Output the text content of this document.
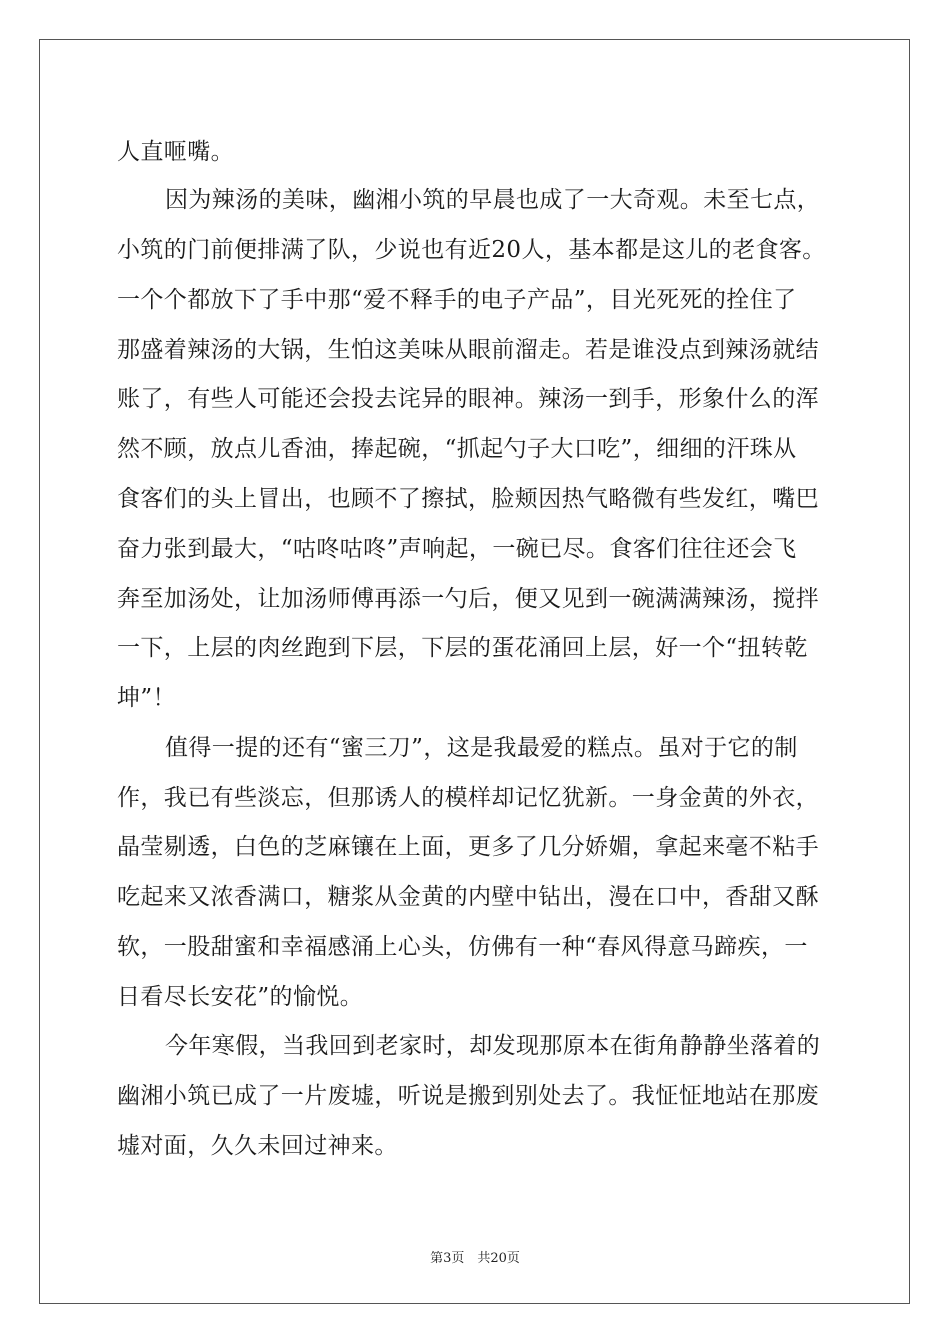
人直咂嘴。
因为辣汤的美味，幽湘小筑的早晨也成了一大奇观。未至七点，
小筑的门前便排满了队，少说也有近20人，基本都是这儿的老食客。
一个个都放下了手中那“爱不释手的电子产品”，目光死死的拴住了
那盛着辣汤的大锅，生怕这美味从眼前溜走。若是谁没点到辣汤就结
账了，有些人可能还会投去诧异的眼神。辣汤一到手，形象什么的浑
然不顾，放点儿香油，捧起碗，“抓起勺子大口吃”，细细的汗珠从
食客们的头上冒出，也顾不了擦拭，脸颊因热气略微有些发红，嘴巴
奋力张到最大，“咕咚咕咚”声响起，一碗已尽。食客们往往还会飞
奔至加汤处，让加汤师傅再添一勺后，便又见到一碗满满辣汤，搅拌
一下，上层的肉丝跑到下层，下层的蛋花涌回上层，好一个“扭转乾
坤”！
值得一提的还有“蜜三刀”，这是我最爱的糕点。虽对于它的制
作，我已有些淡忘，但那诱人的模样却记忆犹新。一身金黄的外衣，
晶莹剔透，白色的芝麻镶在上面，更多了几分娇媚，拿起来毫不粘手
吃起来又浓香满口，糖浆从金黄的内壁中钻出，漫在口中，香甜又酥
软，一股甜蜜和幸福感涌上心头，仿佛有一种“春风得意马蹄疾，一
日看尽长安花”的愉悦。
今年寒假，当我回到老家时，却发现那原本在街角静静坐落着的
幽湘小筑已成了一片废墟，听说是搬到别处去了。我怔怔地站在那废
墟对面，久久未回过神来。
第3页　共20页
